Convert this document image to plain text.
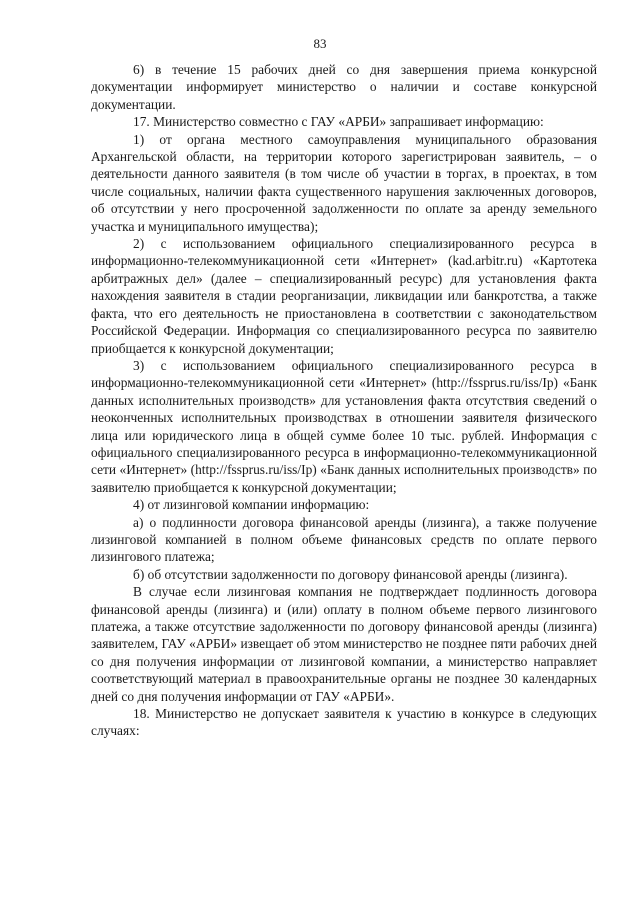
83

6) в течение 15 рабочих дней со дня завершения приема конкурсной документации информирует министерство о наличии и составе конкурсной документации.

17. Министерство совместно с ГАУ «АРБИ» запрашивает информацию:

1) от органа местного самоуправления муниципального образования Архангельской области, на территории которого зарегистрирован заявитель, – о деятельности данного заявителя (в том числе об участии в торгах, в проектах, в том числе социальных, наличии факта существенного нарушения заключенных договоров, об отсутствии у него просроченной задолженности по оплате за аренду земельного участка и муниципального имущества);

2) с использованием официального специализированного ресурса в информационно-телекоммуникационной сети «Интернет» (kad.arbitr.ru) «Картотека арбитражных дел» (далее – специализированный ресурс) для установления факта нахождения заявителя в стадии реорганизации, ликвидации или банкротства, а также факта, что его деятельность не приостановлена в соответствии с законодательством Российской Федерации. Информация со специализированного ресурса по заявителю приобщается к конкурсной документации;

3) с использованием официального специализированного ресурса в информационно-телекоммуникационной сети «Интернет» (http://fssprus.ru/iss/Ip) «Банк данных исполнительных производств» для установления факта отсутствия сведений о неоконченных исполнительных производствах в отношении заявителя физического лица или юридического лица в общей сумме более 10 тыс. рублей. Информация с официального специализированного ресурса в информационно-телекоммуникационной сети «Интернет» (http://fssprus.ru/iss/Ip) «Банк данных исполнительных производств» по заявителю приобщается к конкурсной документации;

4) от лизинговой компании информацию:

а) о подлинности договора финансовой аренды (лизинга), а также получение лизинговой компанией в полном объеме финансовых средств по оплате первого лизингового платежа;

б) об отсутствии задолженности по договору финансовой аренды (лизинга).

В случае если лизинговая компания не подтверждает подлинность договора финансовой аренды (лизинга) и (или) оплату в полном объеме первого лизингового платежа, а также отсутствие задолженности по договору финансовой аренды (лизинга) заявителем, ГАУ «АРБИ» извещает об этом министерство не позднее пяти рабочих дней со дня получения информации от лизинговой компании, а министерство направляет соответствующий материал в правоохранительные органы не позднее 30 календарных дней со дня получения информации от ГАУ «АРБИ».

18. Министерство не допускает заявителя к участию в конкурсе в следующих случаях:
